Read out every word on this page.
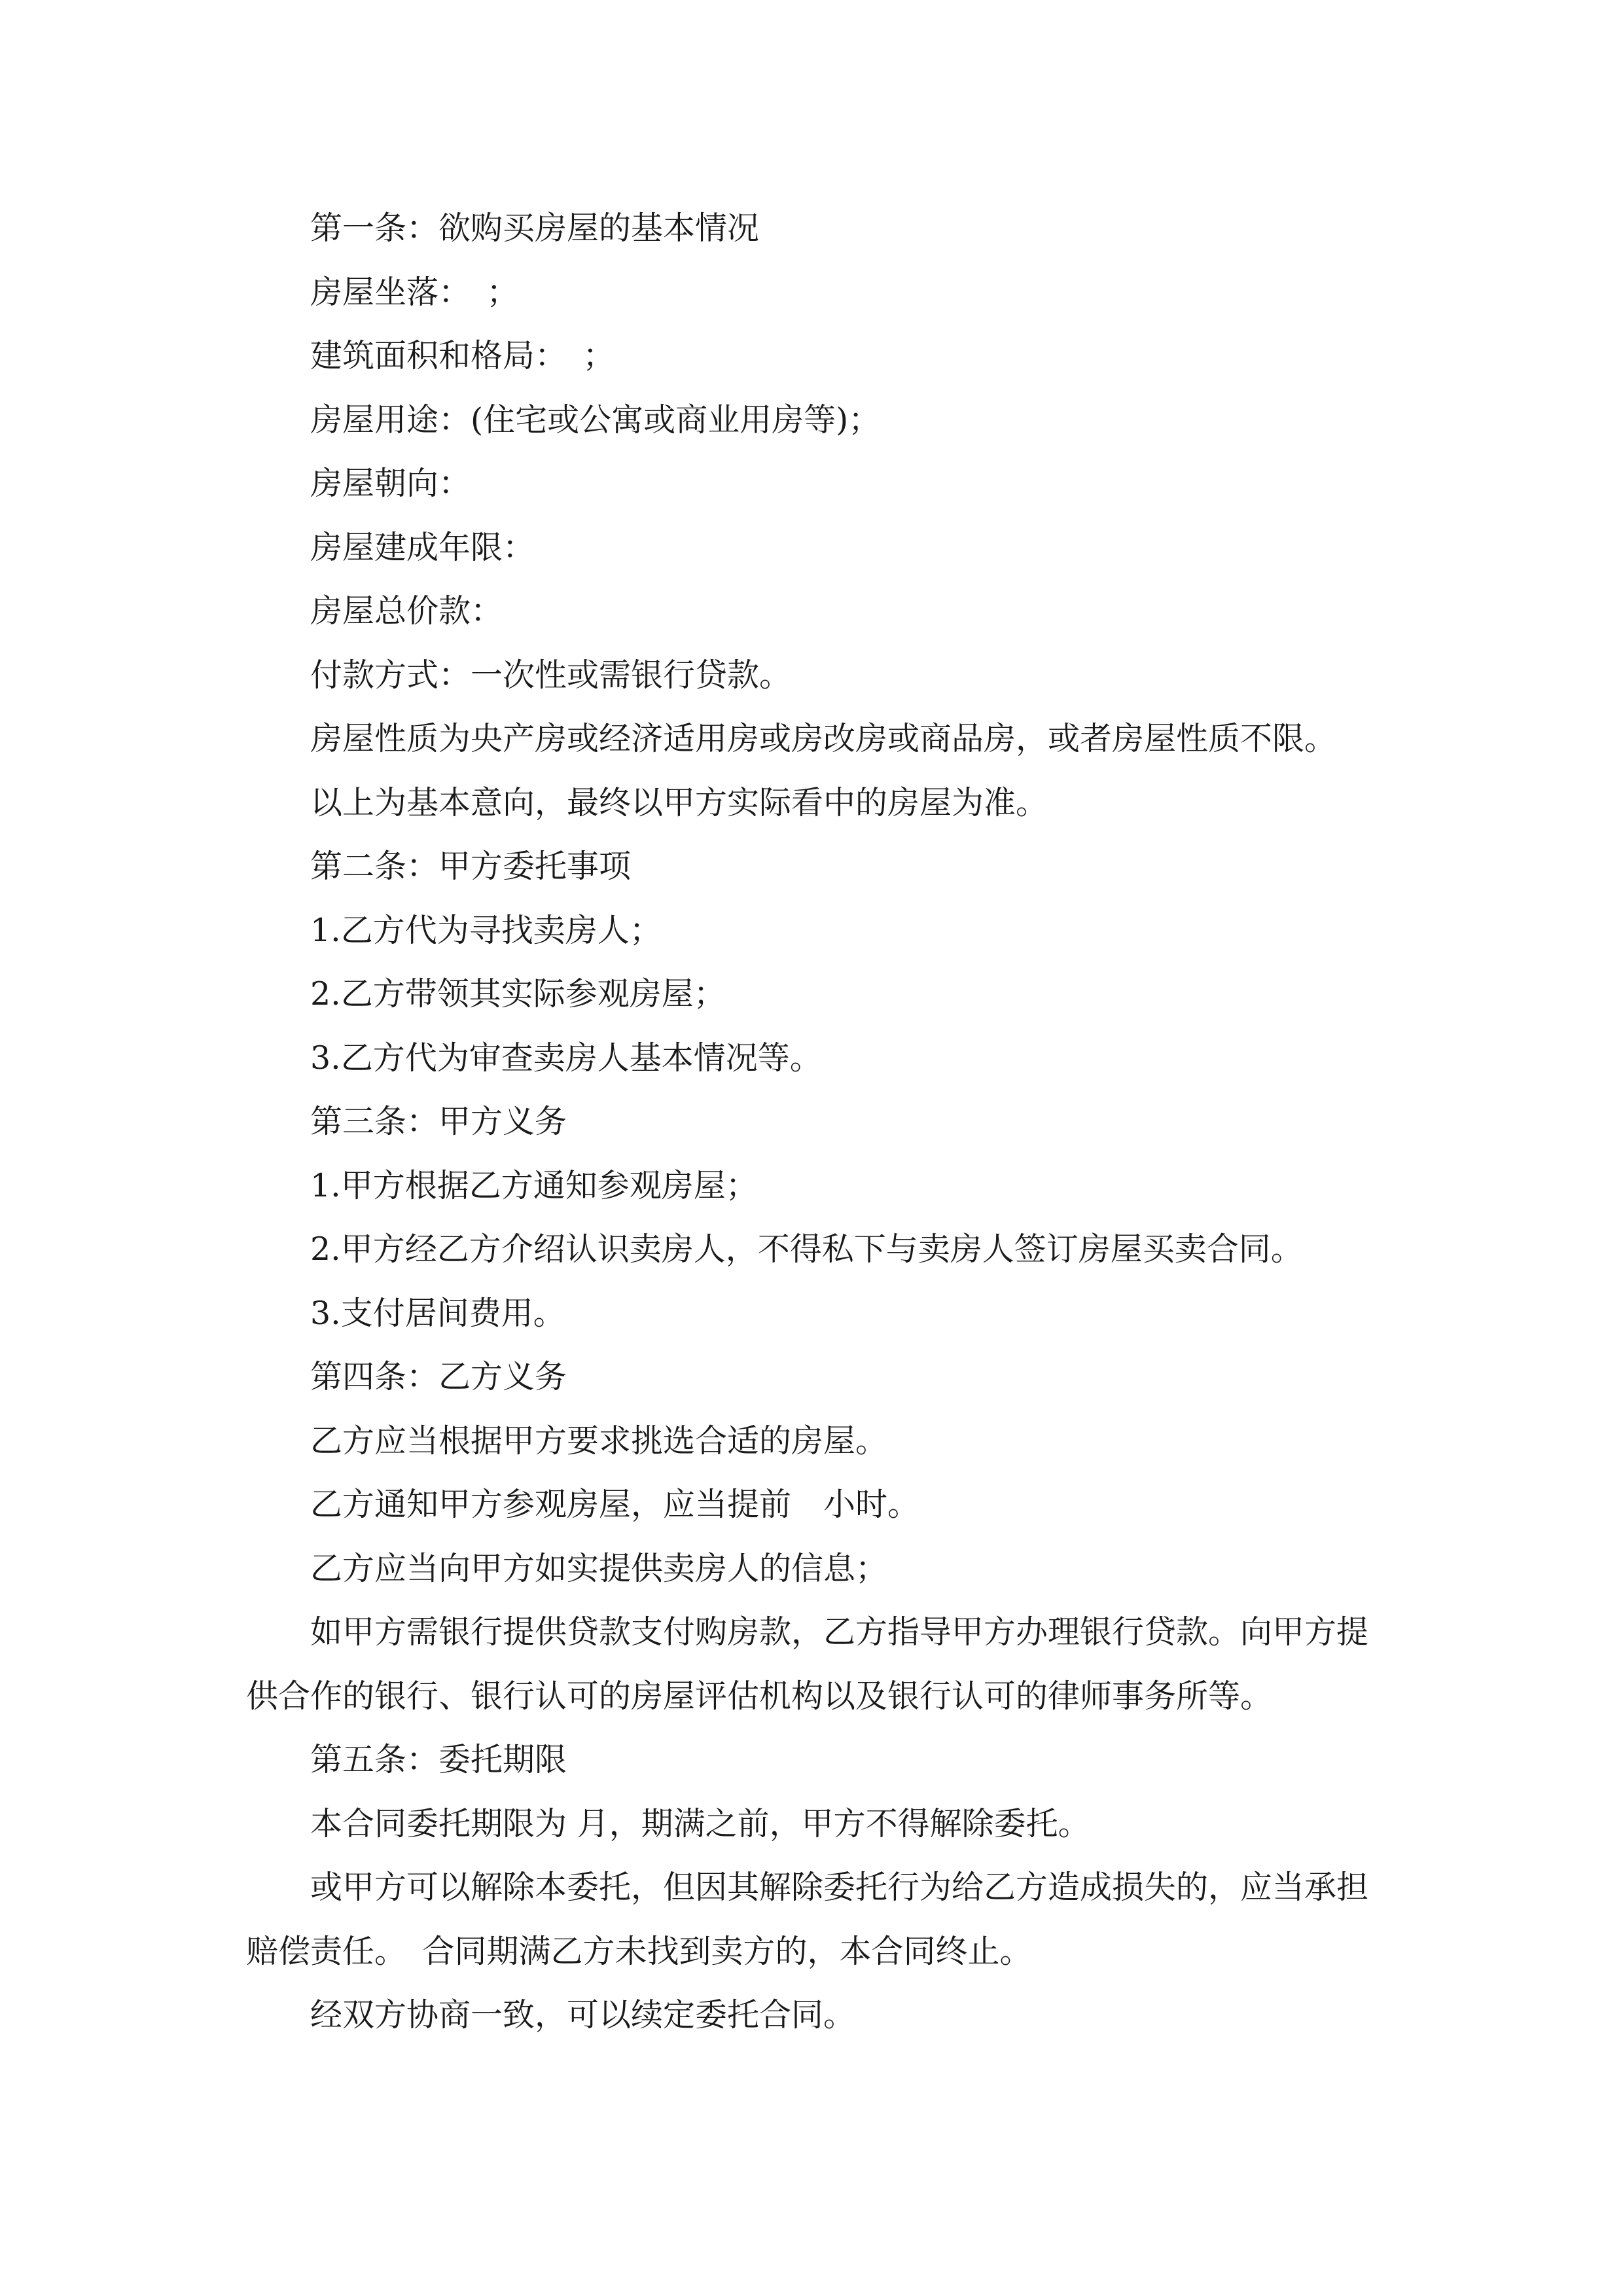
第一条：欲购买房屋的基本情况

房屋坐落：　；

建筑面积和格局：　；

房屋用途：(住宅或公寓或商业用房等)；

房屋朝向：

房屋建成年限：

房屋总价款：

付款方式：一次性或需银行贷款。

房屋性质为央产房或经济适用房或房改房或商品房，或者房屋性质不限。

以上为基本意向，最终以甲方实际看中的房屋为准。

第二条：甲方委托事项

1.乙方代为寻找卖房人；

2.乙方带领其实际参观房屋；

3.乙方代为审查卖房人基本情况等。

第三条：甲方义务

1.甲方根据乙方通知参观房屋；

2.甲方经乙方介绍认识卖房人，不得私下与卖房人签订房屋买卖合同。

3.支付居间费用。

第四条：乙方义务

乙方应当根据甲方要求挑选合适的房屋。

乙方通知甲方参观房屋，应当提前　小时。

乙方应当向甲方如实提供卖房人的信息；

如甲方需银行提供贷款支付购房款，乙方指导甲方办理银行贷款。向甲方提供合作的银行、银行认可的房屋评估机构以及银行认可的律师事务所等。

第五条：委托期限

本合同委托期限为 月，期满之前，甲方不得解除委托。

或甲方可以解除本委托，但因其解除委托行为给乙方造成损失的，应当承担赔偿责任。　合同期满乙方未找到卖方的，本合同终止。

经双方协商一致，可以续定委托合同。
